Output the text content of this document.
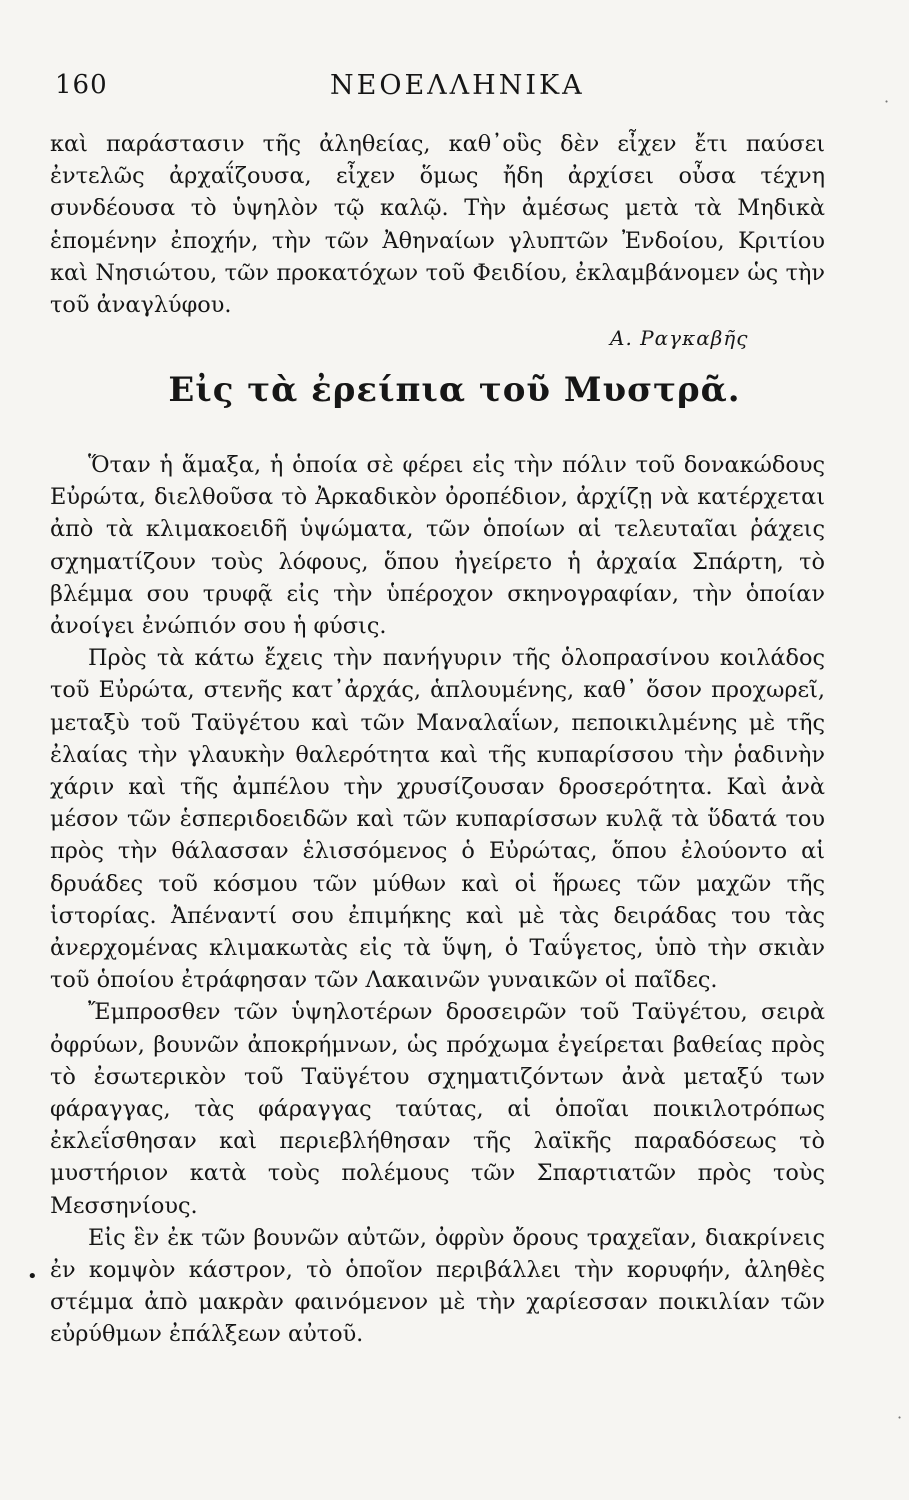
160	ΝΕΟΕΛΛΗΝΙΚΑ

καὶ παράστασιν τῆς ἀληθείας, καθ᾽οὓς δὲν εἶχεν ἔτι παύσει ἐντελῶς ἀρχαΐζουσα, εἶχεν ὅμως ἤδη ἀρχίσει οὖσα τέχνη συνδέουσα τὸ ὑψηλὸν τῷ καλῷ. Τὴν ἀμέσως μετὰ τὰ Μηδικὰ ἑπομένην ἐποχήν, τὴν τῶν Ἀθηναίων γλυπτῶν Ἐνδοίου, Κριτίου καὶ Νησιώτου, τῶν προκατόχων τοῦ Φειδίου, ἐκλαμβάνομεν ὡς τὴν τοῦ ἀναγλύφου.

Α. Ραγκαβῆς
Εἰς τὰ ἐρείπια τοῦ Μυστρᾶ.

Ὅταν ἡ ἅμαξα, ἡ ὁποία σὲ φέρει εἰς τὴν πόλιν τοῦ δονακώδους Εὐρώτα, διελθοῦσα τὸ Ἀρκαδικὸν ὀροπέδιον, ἀρχίζῃ νὰ κατέρχεται ἀπὸ τὰ κλιμακοειδῆ ὑψώματα, τῶν ὁποίων αἱ τελευταῖαι ῥάχεις σχηματίζουν τοὺς λόφους, ὅπου ἠγείρετο ἡ ἀρχαία Σπάρτη, τὸ βλέμμα σου τρυφᾷ εἰς τὴν ὑπέροχον σκηνογραφίαν, τὴν ὁποίαν ἀνοίγει ἐνώπιόν σου ἡ φύσις.

Πρὸς τὰ κάτω ἔχεις τὴν πανήγυριν τῆς ὁλοπρασίνου κοιλάδος τοῦ Εὐρώτα, στενῆς κατ᾽ἀρχάς, ἁπλουμένης, καθ᾽ ὅσον προχωρεῖ, μεταξὺ τοῦ Ταϋγέτου καὶ τῶν Μαναλαΐων, πεποικιλμένης μὲ τῆς ἐλαίας τὴν γλαυκὴν θαλερότητα καὶ τῆς κυπαρίσσου τὴν ῥαδινὴν χάριν καὶ τῆς ἀμπέλου τὴν χρυσίζουσαν δροσερότητα. Καὶ ἀνὰ μέσον τῶν ἑσπεριδοειδῶν καὶ τῶν κυπαρίσσων κυλᾷ τὰ ὕδατά του πρὸς τὴν θάλασσαν ἑλισσόμενος ὁ Εὐρώτας, ὅπου ἐλούοντο αἱ δρυάδες τοῦ κόσμου τῶν μύθων καὶ οἱ ἥρωες τῶν μαχῶν τῆς ἱστορίας. Ἀπέναντί σου ἐπιμήκης καὶ μὲ τὰς δειράδας του τὰς ἀνερχομένας κλιμακωτὰς εἰς τὰ ὕψη, ὁ Ταΰγετος, ὑπὸ τὴν σκιὰν τοῦ ὁποίου ἐτράφησαν τῶν Λακαινῶν γυναικῶν οἱ παῖδες.

Ἔμπροσθεν τῶν ὑψηλοτέρων δροσειρῶν τοῦ Ταϋγέτου, σειρὰ ὀφρύων, βουνῶν ἀποκρήμνων, ὡς πρόχωμα ἐγείρεται βαθείας πρὸς τὸ ἐσωτερικὸν τοῦ Ταϋγέτου σχηματιζόντων ἀνὰ μεταξύ των φάραγγας, τὰς φάραγγας ταύτας, αἱ ὁποῖαι ποικιλοτρόπως ἐκλεΐσθησαν καὶ περιεβλήθησαν τῆς λαϊκῆς παραδόσεως τὸ μυστήριον κατὰ τοὺς πολέμους τῶν Σπαρτιατῶν πρὸς τοὺς Μεσσηνίους.

Εἰς ἓν ἐκ τῶν βουνῶν αὐτῶν, ὀφρὺν ὄρους τραχεῖαν, διακρίνεις ἐν κομψὸν κάστρον, τὸ ὁποῖον περιβάλλει τὴν κορυφήν, ἀληθὲς στέμμα ἀπὸ μακρὰν φαινόμενον μὲ τὴν χαρίεσσαν ποικιλίαν τῶν εὐρύθμων ἐπάλξεων αὐτοῦ.

•
·
·
